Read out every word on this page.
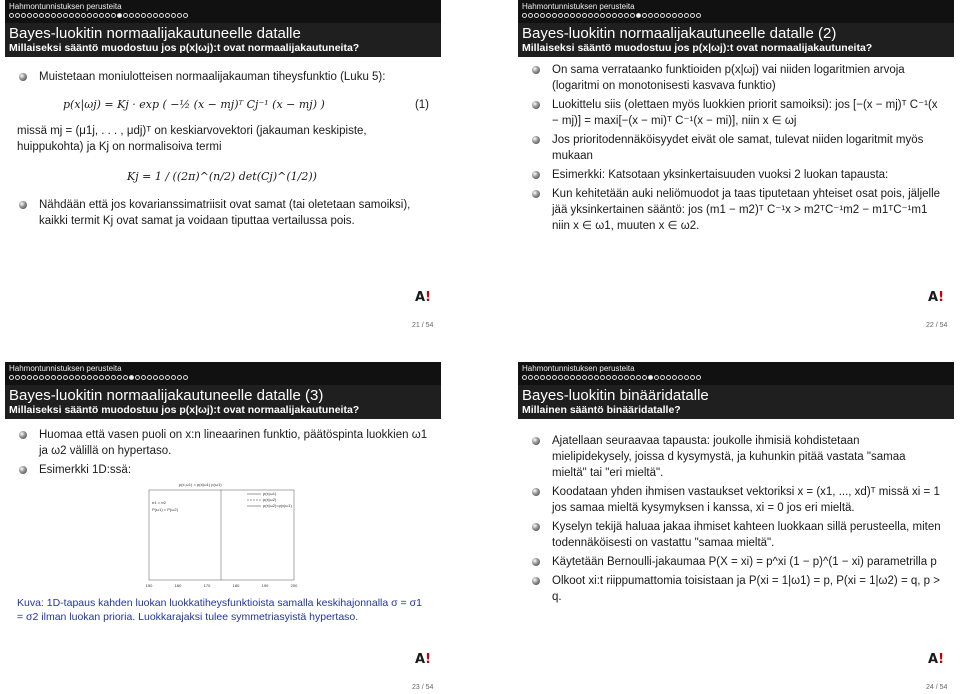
Hahmontunnistuksen perusteita
Bayes-luokitin normaalijakautuneelle datalle
Millaiseksi sääntö muodostuu jos p(x|ωj):t ovat normaalijakautuneita?
Muistetaan moniulotteisen normaalijakauman tiheysfunktio (Luku 5):
p(x|ωj) = Kj · exp ( −½ (x − mj)ᵀ Cj⁻¹ (x − mj) )	(1)
missä mj = (μ1j, . . . , μdj)ᵀ on keskiarvovektori (jakauman keskipiste, huippukohta) ja Kj on normalisoiva termi
Kj = 1 / ((2π)^(n/2) det(Cj)^(1/2))
Nähdään että jos kovarianssimatriisit ovat samat (tai oletetaan samoiksi), kaikki termit Kj ovat samat ja voidaan tiputtaa vertailussa pois.
A!
21 / 54
Hahmontunnistuksen perusteita
Bayes-luokitin normaalijakautuneelle datalle (2)
Millaiseksi sääntö muodostuu jos p(x|ωj):t ovat normaalijakautuneita?
On sama verrataanko funktioiden p(x|ωj) vai niiden logaritmien arvoja (logaritmi on monotonisesti kasvava funktio)
Luokittelu siis (olettaen myös luokkien priorit samoiksi): jos [−(x − mj)ᵀ C⁻¹(x − mj)] = maxi[−(x − mi)ᵀ C⁻¹(x − mi)], niin x ∈ ωj
Jos prioritodennäköisyydet eivät ole samat, tulevat niiden logaritmit myös mukaan
Esimerkki: Katsotaan yksinkertaisuuden vuoksi 2 luokan tapausta:
Kun kehitetään auki neliömuodot ja taas tiputetaan yhteiset osat pois, jäljelle jää yksinkertainen sääntö: jos (m1 − m2)ᵀ C⁻¹x > m2ᵀC⁻¹m2 − m1ᵀC⁻¹m1 niin x ∈ ω1, muuten x ∈ ω2.
A!
22 / 54
Hahmontunnistuksen perusteita
Bayes-luokitin normaalijakautuneelle datalle (3)
Millaiseksi sääntö muodostuu jos p(x|ωj):t ovat normaalijakautuneita?
Huomaa että vasen puoli on x:n lineaarinen funktio, päätöspinta luokkien ω1 ja ω2 välillä on hypertaso.
Esimerkki 1D:ssä:
p(x,ω1) = p(x|ω1) p(ω1)
σ1 = σ2
P(ω1) = P(ω2)
p(x|ω1)
p(x|ω2)
p(x|ω2)=p(x|ω1)
150	160	170	180	190	200
Kuva: 1D-tapaus kahden luokan luokkatiheysfunktioista samalla keskihajonnalla σ = σ1 = σ2 ilman luokan prioria. Luokkarajaksi tulee symmetriasyistä hypertaso.
A!
23 / 54
Hahmontunnistuksen perusteita
Bayes-luokitin binääridatalle
Millainen sääntö binääridatalle?
Ajatellaan seuraavaa tapausta: joukolle ihmisiä kohdistetaan mielipidekysely, joissa d kysymystä, ja kuhunkin pitää vastata "samaa mieltä" tai "eri mieltä".
Koodataan yhden ihmisen vastaukset vektoriksi x = (x1, ..., xd)ᵀ missä xi = 1 jos samaa mieltä kysymyksen i kanssa, xi = 0 jos eri mieltä.
Kyselyn tekijä haluaa jakaa ihmiset kahteen luokkaan sillä perusteella, miten todennäköisesti on vastattu "samaa mieltä".
Käytetään Bernoulli-jakaumaa P(X = xi) = p^xi (1 − p)^(1 − xi) parametrilla p
Olkoot xi:t riippumattomia toisistaan ja P(xi = 1|ω1) = p, P(xi = 1|ω2) = q, p > q.
A!
24 / 54
